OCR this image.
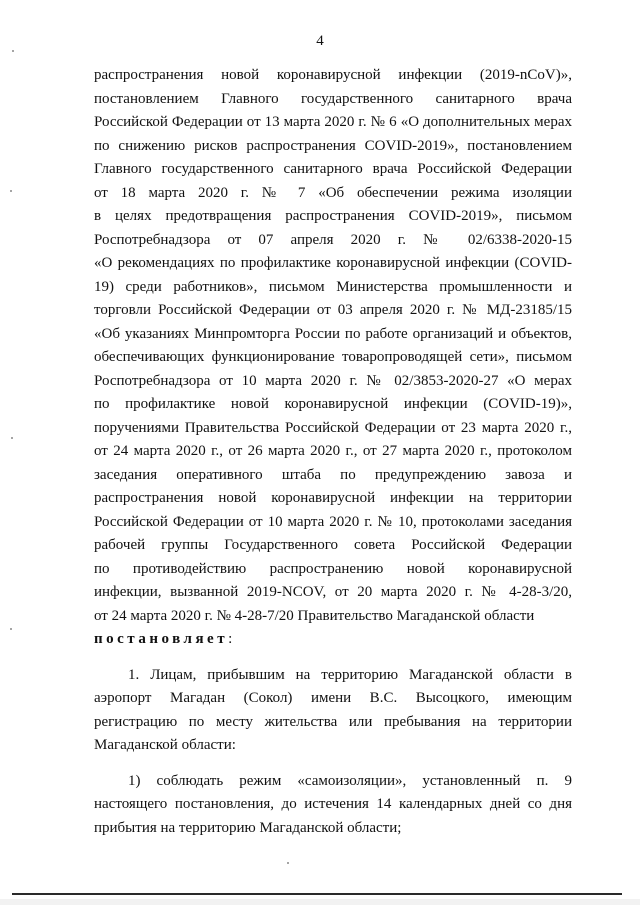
4
распространения новой коронавирусной инфекции (2019-nCoV)»,
постановлением Главного государственного санитарного врача
Российской Федерации от 13 марта 2020 г. № 6 «О дополнительных мерах
по снижению рисков распространения COVID-2019», постановлением
Главного государственного санитарного врача Российской Федерации
от 18 марта 2020 г. № 7 «Об обеспечении режима изоляции
в целях предотвращения распространения COVID-2019», письмом
Роспотребнадзора от 07 апреля 2020 г. № 02/6338-2020-15
«О рекомендациях по профилактике коронавирусной инфекции (COVID-
19) среди работников», письмом Министерства промышленности и
торговли Российской Федерации от 03 апреля 2020 г. № МД-23185/15
«Об указаниях Минпромторга России по работе организаций и объектов,
обеспечивающих функционирование товаропроводящей сети», письмом
Роспотребнадзора от 10 марта 2020 г. № 02/3853-2020-27 «О мерах
по профилактике новой коронавирусной инфекции (COVID-19)»,
поручениями Правительства Российской Федерации от 23 марта 2020 г.,
от 24 марта 2020 г., от 26 марта 2020 г., от 27 марта 2020 г., протоколом
заседания оперативного штаба по предупреждению завоза и
распространения новой коронавирусной инфекции на территории
Российской Федерации от 10 марта 2020 г. № 10, протоколами заседания
рабочей группы Государственного совета Российской Федерации
по противодействию распространению новой коронавирусной
инфекции, вызванной 2019-NCOV, от 20 марта 2020 г. № 4-28-3/20,
от 24 марта 2020 г. № 4-28-7/20 Правительство Магаданской области
постановляет:
1. Лицам, прибывшим на территорию Магаданской области в
аэропорт Магадан (Сокол) имени В.С. Высоцкого, имеющим
регистрацию по месту жительства или пребывания на территории
Магаданской области:
1) соблюдать режим «самоизоляции», установленный п. 9
настоящего постановления, до истечения 14 календарных дней со дня
прибытия на территорию Магаданской области;
